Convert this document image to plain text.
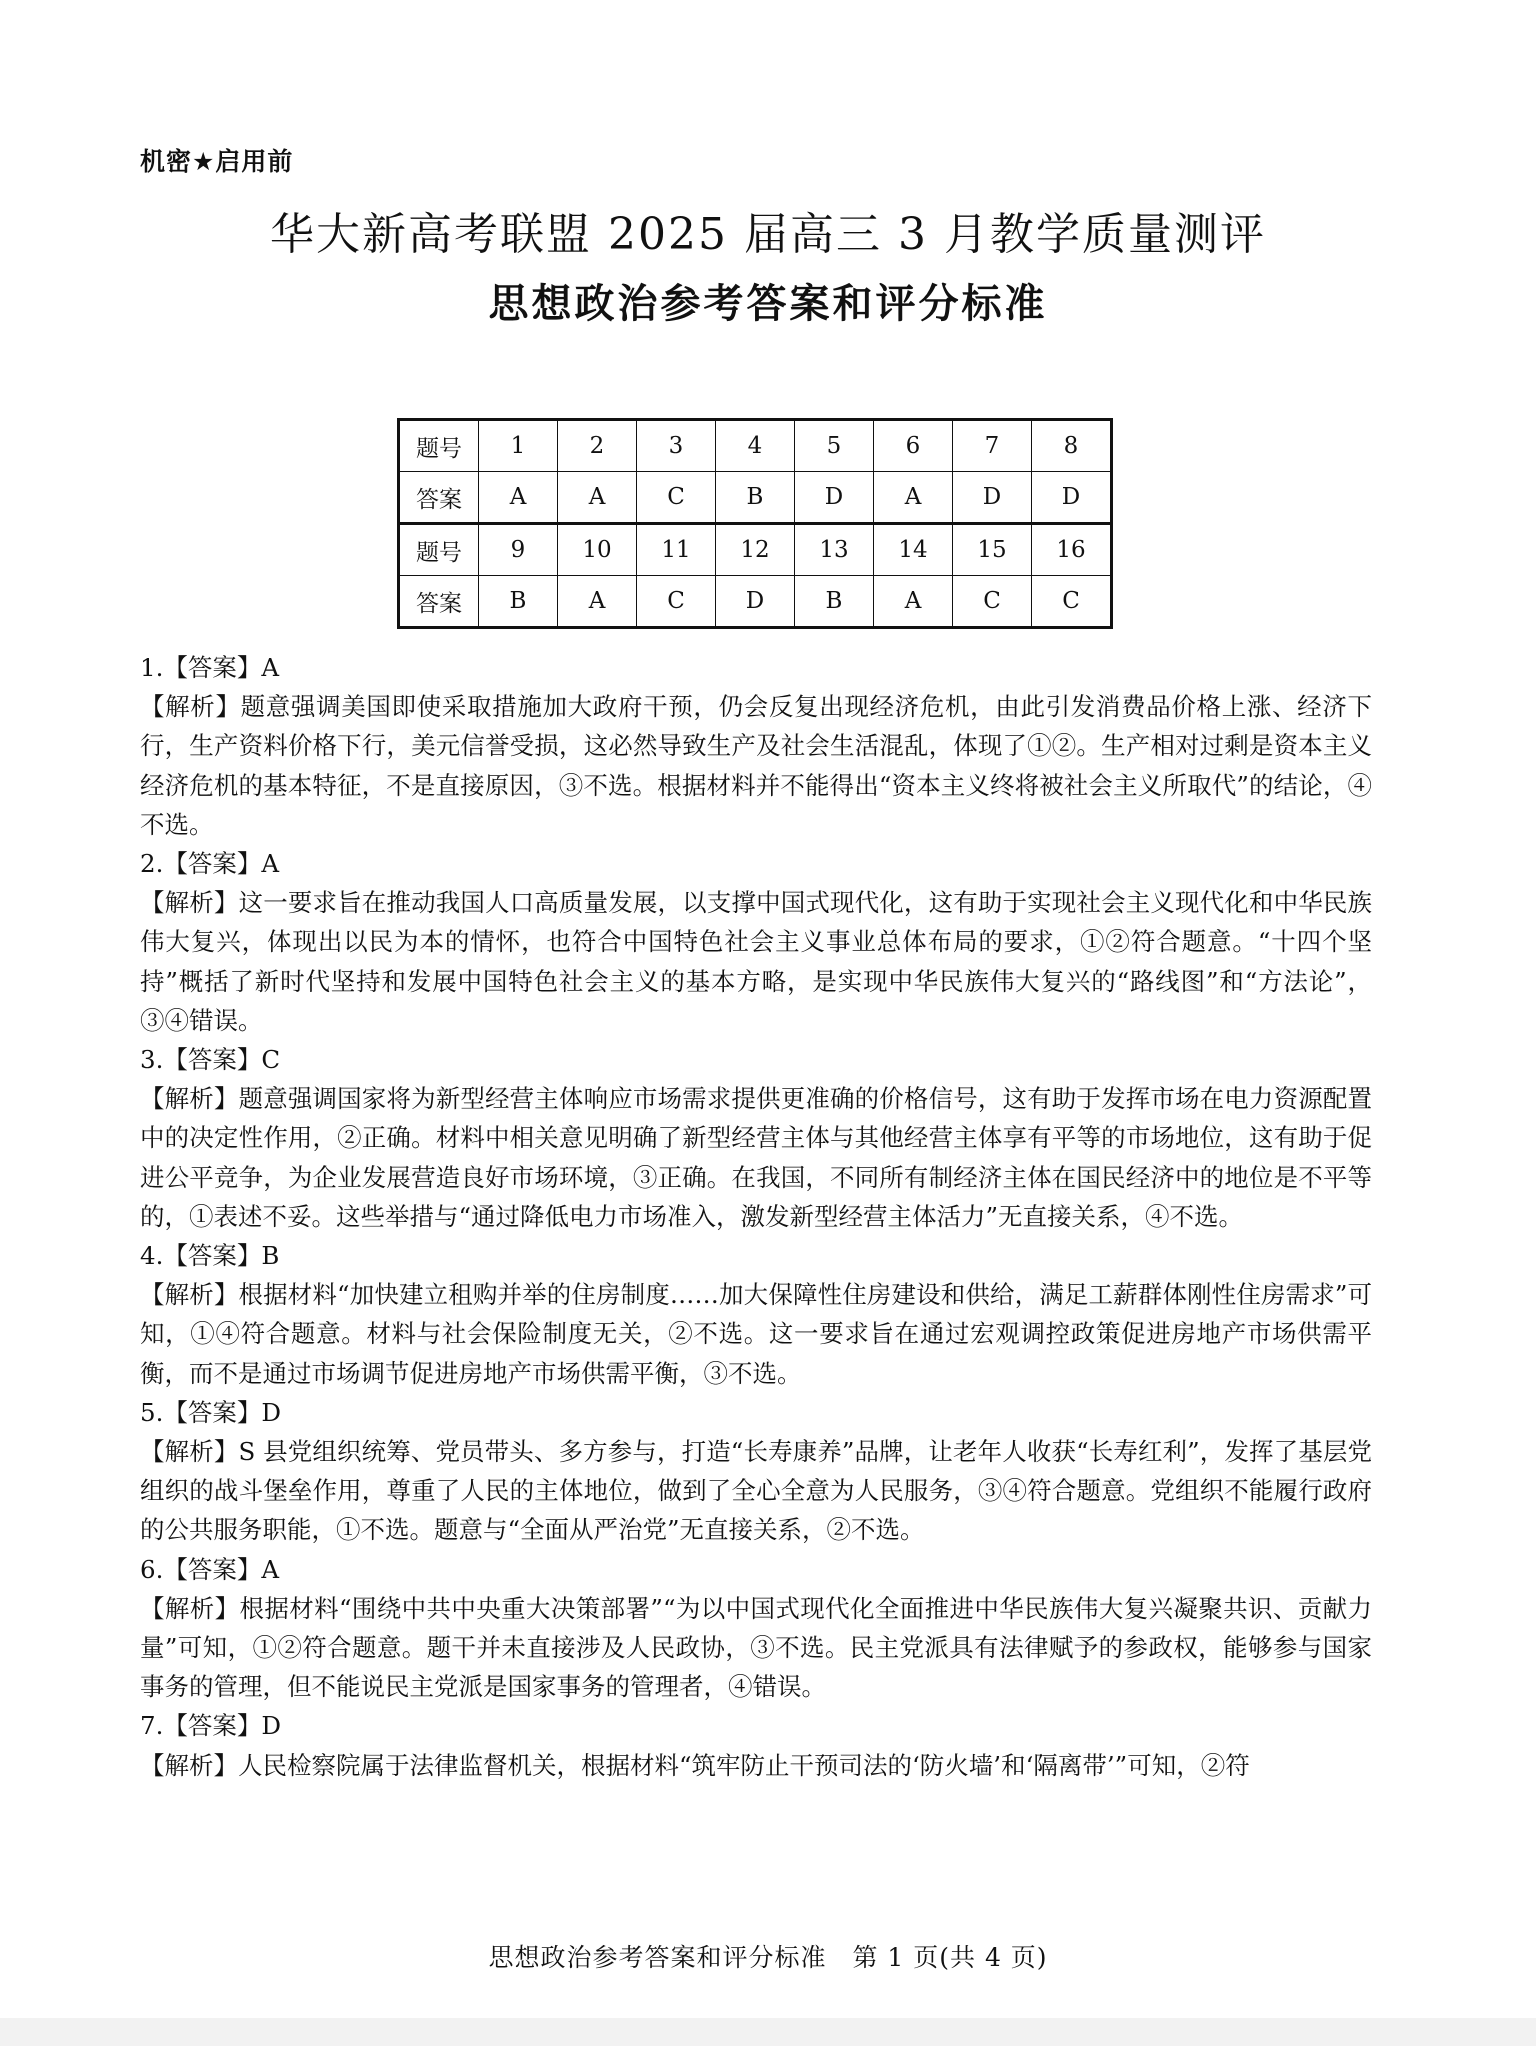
机密★启用前
华大新高考联盟 2025 届高三 3 月教学质量测评
思想政治参考答案和评分标准
题号	1	2	3	4	5	6	7	8
答案	A	A	C	B	D	A	D	D
题号	9	10	11	12	13	14	15	16
答案	B	A	C	D	B	A	C	C
1.【答案】A
【解析】题意强调美国即使采取措施加大政府干预，仍会反复出现经济危机，由此引发消费品价格上涨、经济下行，生产资料价格下行，美元信誉受损，这必然导致生产及社会生活混乱，体现了①②。生产相对过剩是资本主义经济危机的基本特征，不是直接原因，③不选。根据材料并不能得出“资本主义终将被社会主义所取代”的结论，④不选。
2.【答案】A
【解析】这一要求旨在推动我国人口高质量发展，以支撑中国式现代化，这有助于实现社会主义现代化和中华民族伟大复兴，体现出以民为本的情怀，也符合中国特色社会主义事业总体布局的要求，①②符合题意。“十四个坚持”概括了新时代坚持和发展中国特色社会主义的基本方略，是实现中华民族伟大复兴的“路线图”和“方法论”，③④错误。
3.【答案】C
【解析】题意强调国家将为新型经营主体响应市场需求提供更准确的价格信号，这有助于发挥市场在电力资源配置中的决定性作用，②正确。材料中相关意见明确了新型经营主体与其他经营主体享有平等的市场地位，这有助于促进公平竞争，为企业发展营造良好市场环境，③正确。在我国，不同所有制经济主体在国民经济中的地位是不平等的，①表述不妥。这些举措与“通过降低电力市场准入，激发新型经营主体活力”无直接关系，④不选。
4.【答案】B
【解析】根据材料“加快建立租购并举的住房制度……加大保障性住房建设和供给，满足工薪群体刚性住房需求”可知，①④符合题意。材料与社会保险制度无关，②不选。这一要求旨在通过宏观调控政策促进房地产市场供需平衡，而不是通过市场调节促进房地产市场供需平衡，③不选。
5.【答案】D
【解析】S 县党组织统筹、党员带头、多方参与，打造“长寿康养”品牌，让老年人收获“长寿红利”，发挥了基层党组织的战斗堡垒作用，尊重了人民的主体地位，做到了全心全意为人民服务，③④符合题意。党组织不能履行政府的公共服务职能，①不选。题意与“全面从严治党”无直接关系，②不选。
6.【答案】A
【解析】根据材料“围绕中共中央重大决策部署”“为以中国式现代化全面推进中华民族伟大复兴凝聚共识、贡献力量”可知，①②符合题意。题干并未直接涉及人民政协，③不选。民主党派具有法律赋予的参政权，能够参与国家事务的管理，但不能说民主党派是国家事务的管理者，④错误。
7.【答案】D
【解析】人民检察院属于法律监督机关，根据材料“筑牢防止干预司法的‘防火墙’和‘隔离带’”可知，②符
思想政治参考答案和评分标准　第 1 页(共 4 页)
